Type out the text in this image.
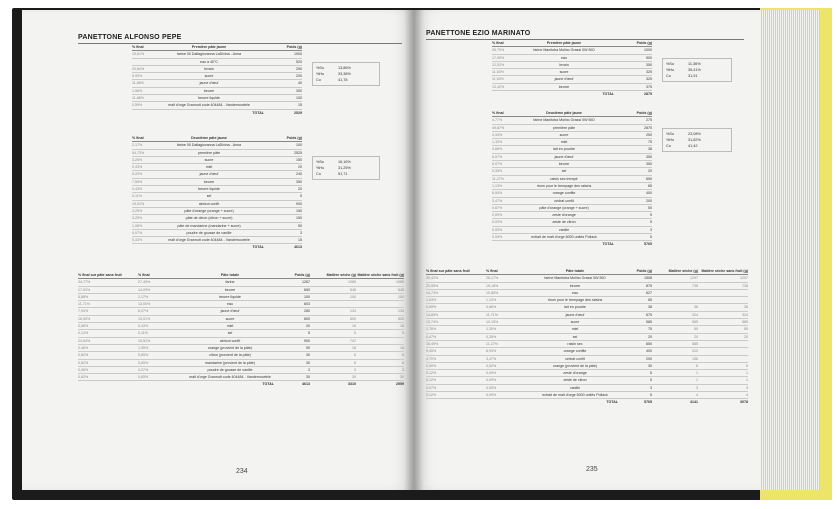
PANETTONE ALFONSO PEPE
% final	Première pâte jaune	Poids (g)
19,61%	farine 00 Dallagiovanna LaDivina - Anna	1000
eau à 40°C	520
20,84%	levain	250
5,90%	sucre	200
11,86%	jaune d'œuf	40
1,56%	beurre	300
11,86%	beurre liquide	100
0,59%	malt d'orge Grannutt code 404484 - Vandemoortele	15
TOTAL	2529
% final	Deuxième pâte jaune	Poids (g)
2,17%	farine 00 Dallagiovanna LaDivina - Anna	100
54,73%	première pâte	2525
3,25%	sucre	150
0,43%	miel	20
5,20%	jaune d'œuf	240
7,59%	beurre	350
0,43%	beurre liquide	20
0,11%	sel	5
19,51%	abricot confit	900
3,25%	pâte d'orange (orange + sucre)	150
3,25%	pâte de citron (citron + sucre)	150
1,08%	pâte de mandarine (mandarine + sucre)	50
0,07%	poudre de gousse de vanille	3
0,33%	malt d'orge Grannutt code 404484 - Vandemoortele	15
TOTAL	4613
% final sur pâte sans fruit	% final	Pâte totale	Poids (g)	Matière sèche (g) Matière sèche sans fruit (g)
34,77%	27,49%	farine	1267	1089	1089
17,91%	14,09%	beurre	650	545	545
5,88%	2,17%	beurre liquide	100	100	100
11,71%	13,00%	eau	603
7,94%	6,07%	jaune d'œuf	280	134	134
16,50%	13,01%	sucre	600	600	600
0,56%	0,43%	miel	20	16	16
0,14%	0,11%	sel	5	5	5
24,64%	19,51%	abricot confit	900	747
2,46%	1,95%	orange (provient de la pâte)	90	18	18
0,82%	0,65%	citron (provient de la pâte)	30	6	6
0,82%	0,65%	mandarine (provient de la pâte)	30	6	6
0,08%	0,07%	poudre de gousse de vanille	3	3	3
0,82%	0,65%	malt d'orge Grannutt code 404484 - Vandemoortele	30	30	30
TOTAL	4613	3310	2559
%Su	13,86%
%Hu	33,38%
Co	41,78
%Su	16,16%
%Hu	31,25%
Co	51,71
234
PANETTONE EZIO MARINATO
% final	Première pâte jaune	Poids (g)
35,79%	farine Manitoba Molino Grassi 0W BIO	1000
17,90%	eau	500
12,53%	levain	350
11,63%	sucre	325
11,63%	jaune d'œuf	325
13,42%	beurre	375
TOTAL	2875
% final	Deuxième pâte jaune	Poids (g)
4,77%	farine Manitoba Molino Grassi 0W BIO	275
49,87%	première pâte	2875
4,34%	sucre	250
1,30%	miel	75
0,66%	lait en poudre	38
6,07%	jaune d'œuf	350
6,07%	beurre	350
0,35%	sel	20
11,27%	raisin sec trempé	650
1,13%	rhum pour le trempage des raisins	65
6,94%	orange confite	400
3,47%	cédrat confit	200
0,87%	pâte d'orange (orange + sucre)	50
0,09%	zeste d'orange	5
0,09%	zeste de citron	5
0,05%	vanille	3
0,09%	extrait de malt d'orge 6000 unités Pollack	5
TOTAL	5765
% final sur pâte sans fruit	% final	Pâte totale	Poids (g)	Matière sèche (g) Matière sèche sans fruit (g)
35,42%	26,17%	farine Manitoba Molino Grassi 0W BIO	1508	1297	1297
20,55%	15,18%	beurre	875	735	735
14,73%	10,88%	eau	627
1,53%	1,13%	rhum pour le trempage des raisins	65
0,89%	0,66%	lait en poudre	38	36	36
14,85%	11,71%	jaune d'œuf	675	324	324
13,74%	10,15%	sucre	585	585	585
1,76%	1,30%	miel	75	59	59
0,47%	0,35%	sel	20	20	20
15,49%	11,27%	raisin sec	650	585
9,40%	6,94%	orange confite	400	312
4,70%	3,47%	cédrat confit	200	156
0,90%	0,52%	orange (provient de la pâte)	30	6	6
0,12%	0,09%	zeste d'orange	5	1	1
0,12%	0,09%	zeste de citron	5	1	1
0,07%	0,05%	vanille	3	3	3
0,12%	0,09%	extrait de malt d'orge 6000 unités Pollack	5	4	4
TOTAL	5765	4141	3078
%Su	11,36%
%Hu	35,41%
Co	31,91
%Su	23,08%
%Hu	31,82%
Co	41,42
235
